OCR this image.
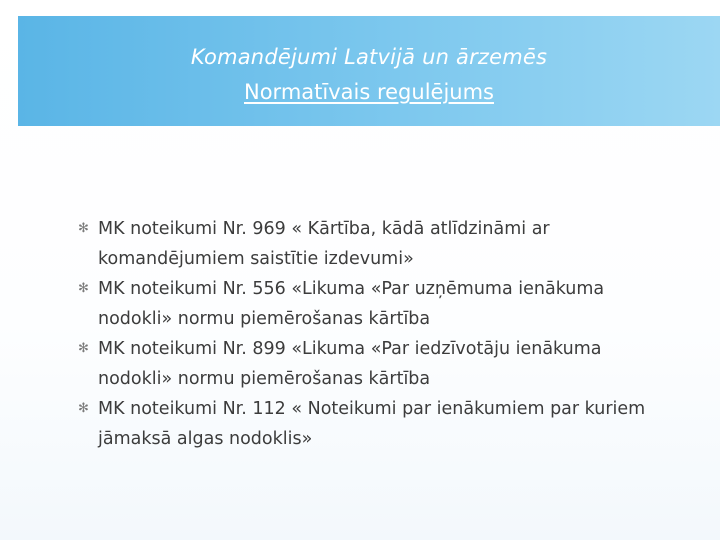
Komandējumi Latvijā un ārzemēs
Normatīvais regulējums
✻ MK noteikumi Nr. 969 « Kārtība, kādā atlīdzināmi ar komandējumiem saistītie izdevumi»
✻ MK noteikumi Nr. 556 «Likuma «Par uzņēmuma ienākuma nodokli» normu piemērošanas kārtība
✻ MK noteikumi Nr. 899 «Likuma «Par iedzīvotāju ienākuma nodokli» normu piemērošanas kārtība
✻ MK noteikumi Nr. 112 « Noteikumi par ienākumiem par kuriem jāmaksā algas nodoklis»
